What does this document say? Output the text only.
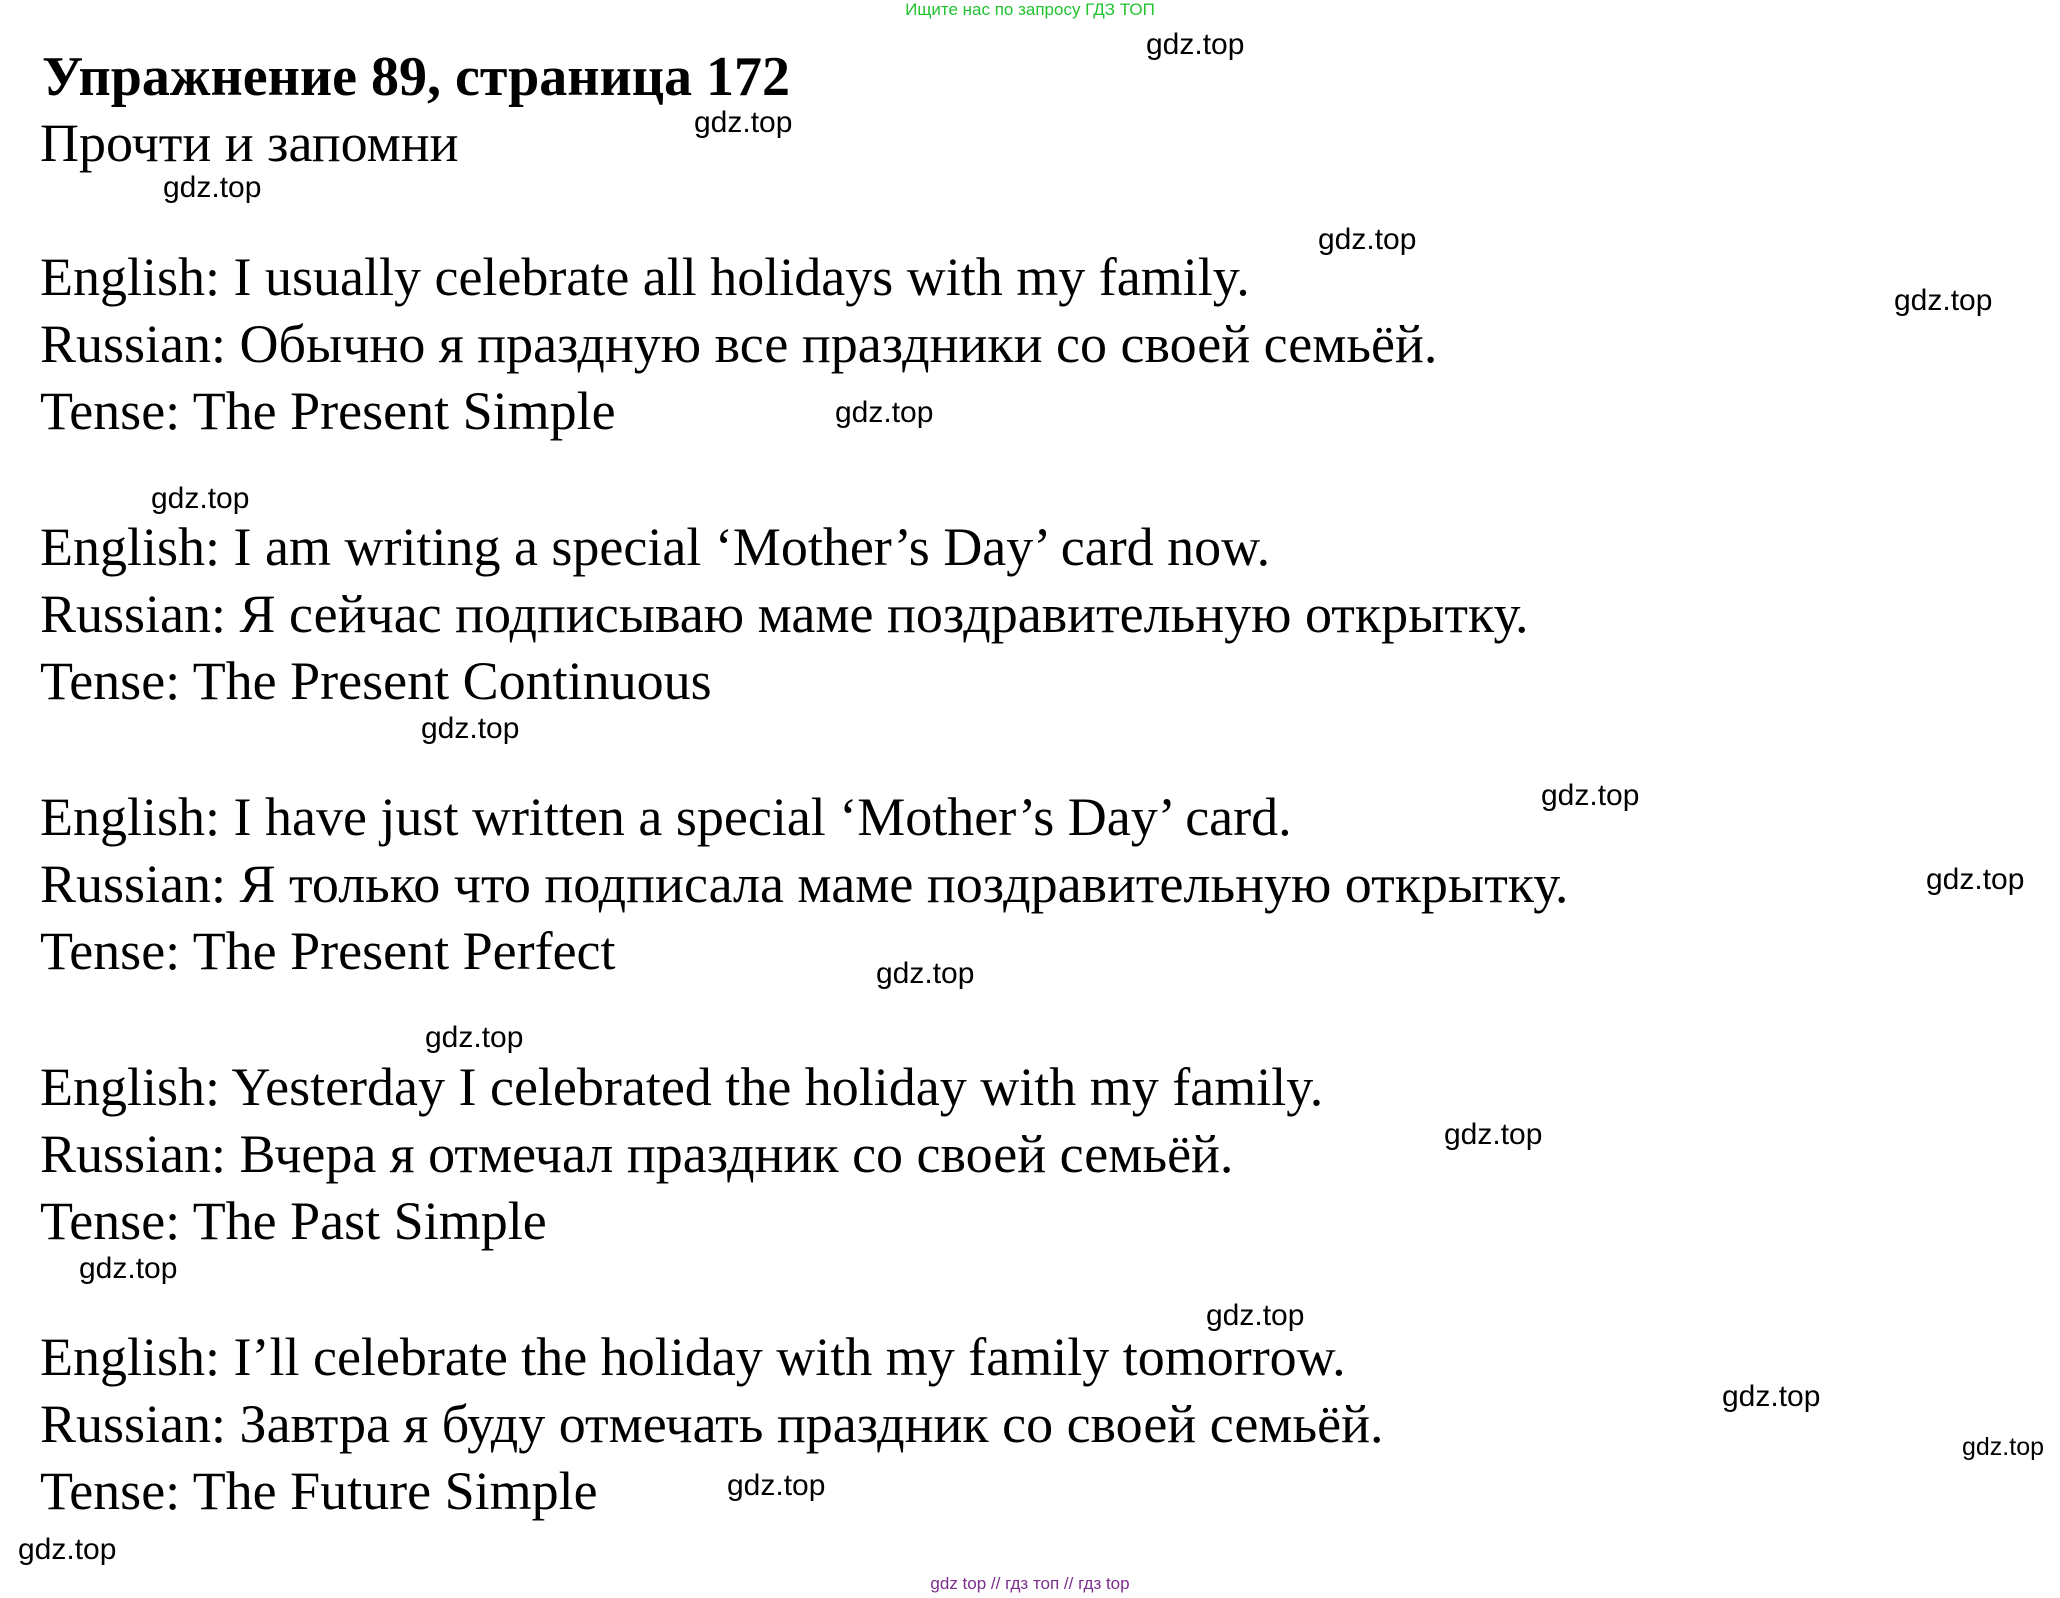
Ищите нас по запросу ГДЗ ТОП
Упражнение 89, страница 172
Прочти и запомни
English: I usually celebrate all holidays with my family.
Russian: Обычно я праздную все праздники со своей семьёй.
Tense: The Present Simple
English: I am writing a special ‘Mother’s Day’ card now.
Russian: Я сейчас подписываю маме поздравительную открытку.
Tense: The Present Continuous
English: I have just written a special ‘Mother’s Day’ card.
Russian: Я только что подписала маме поздравительную открытку.
Tense: The Present Perfect
English: Yesterday I celebrated the holiday with my family.
Russian: Вчера я отмечал праздник со своей семьёй.
Tense: The Past Simple
English: I’ll celebrate the holiday with my family tomorrow.
Russian: Завтра я буду отмечать праздник со своей семьёй.
Tense: The Future Simple
gdz.top
gdz.top
gdz.top
gdz.top
gdz.top
gdz.top
gdz.top
gdz.top
gdz.top
gdz.top
gdz.top
gdz.top
gdz.top
gdz.top
gdz.top
gdz.top
gdz.top
gdz.top
gdz.top
gdz top // гдз топ // гдз top
